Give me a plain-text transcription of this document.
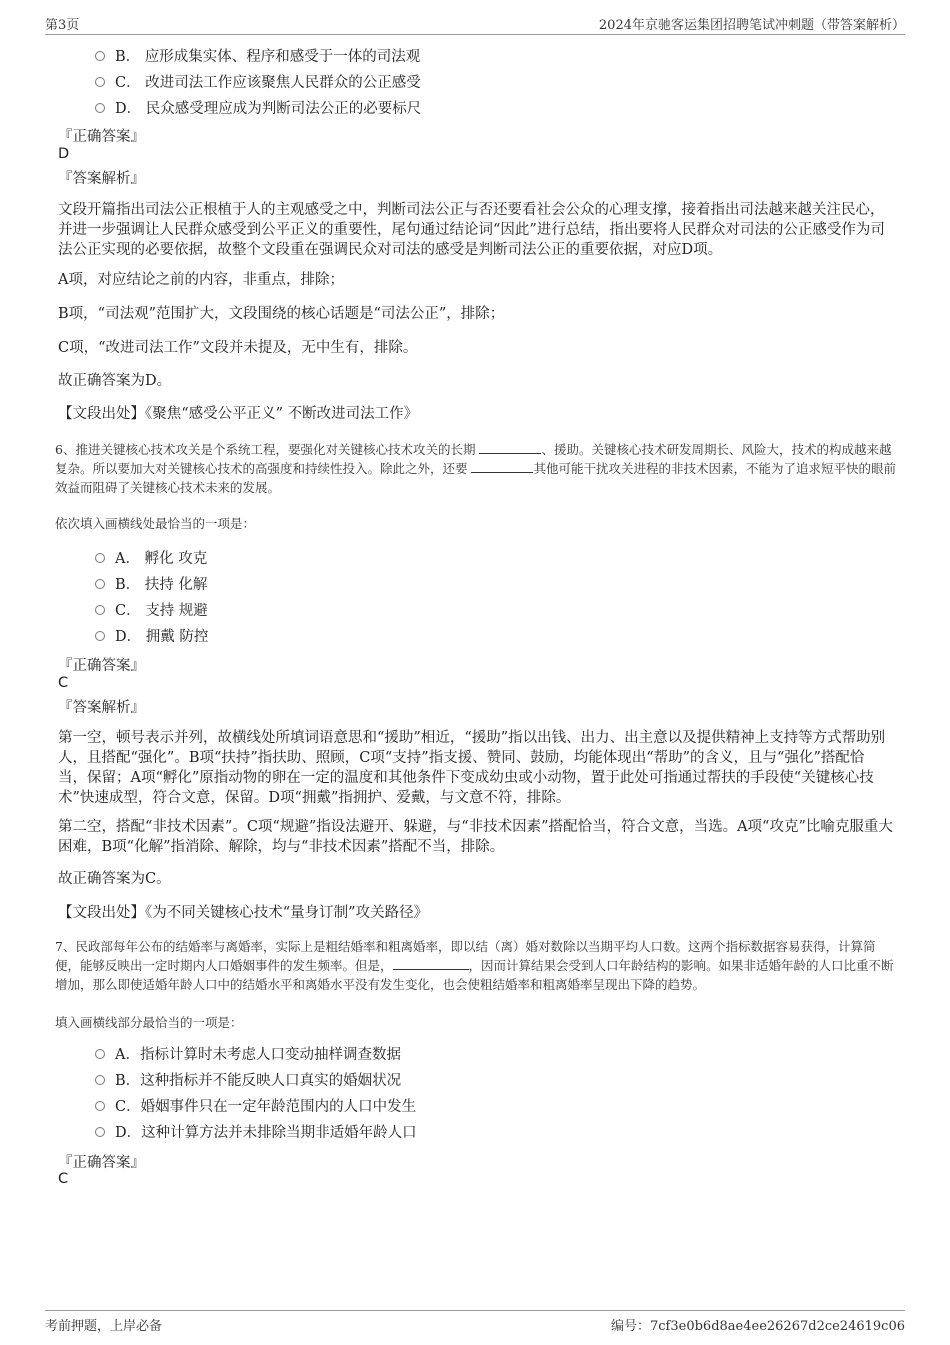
第3页	2024年京驰客运集团招聘笔试冲刺题（带答案解析）
B． 应形成集实体、程序和感受于一体的司法观
C． 改进司法工作应该聚焦人民群众的公正感受
D． 民众感受理应成为判断司法公正的必要标尺
『正确答案』
D
『答案解析』
文段开篇指出司法公正根植于人的主观感受之中，判断司法公正与否还要看社会公众的心理支撑，接着指出司法越来越关注民心，并进一步强调让人民群众感受到公平正义的重要性，尾句通过结论词“因此”进行总结，指出要将人民群众对司法的公正感受作为司法公正实现的必要依据，故整个文段重在强调民众对司法的感受是判断司法公正的重要依据，对应D项。
A项，对应结论之前的内容，非重点，排除；
B项，“司法观”范围扩大，文段围绕的核心话题是“司法公正”，排除；
C项，“改进司法工作”文段并未提及，无中生有，排除。
故正确答案为D。
【文段出处】《聚焦“感受公平正义” 不断改进司法工作》
6、推进关键核心技术攻关是个系统工程，要强化对关键核心技术攻关的长期	、援助。关键核心技术研发周期长、风险大，技术的构成越来越复杂。所以要加大对关键核心技术的高强度和持续性投入。除此之外，还要	其他可能干扰攻关进程的非技术因素，不能为了追求短平快的眼前效益而阻碍了关键核心技术未来的发展。
依次填入画横线处最恰当的一项是：
A． 孵化 攻克
B． 扶持 化解
C． 支持 规避
D． 拥戴 防控
『正确答案』
C
『答案解析』
第一空，顿号表示并列，故横线处所填词语意思和“援助”相近，“援助”指以出钱、出力、出主意以及提供精神上支持等方式帮助别人，且搭配“强化”。B项“扶持”指扶助、照顾，C项“支持”指支援、赞同、鼓励，均能体现出“帮助”的含义，且与“强化”搭配恰当，保留；A项“孵化”原指动物的卵在一定的温度和其他条件下变成幼虫或小动物，置于此处可指通过帮扶的手段使“关键核心技术”快速成型，符合文意，保留。D项“拥戴”指拥护、爱戴，与文意不符，排除。
第二空，搭配“非技术因素”。C项“规避”指设法避开、躲避，与“非技术因素”搭配恰当，符合文意，当选。A项“攻克”比喻克服重大困难，B项“化解”指消除、解除，均与“非技术因素”搭配不当，排除。
故正确答案为C。
【文段出处】《为不同关键核心技术“量身订制”攻关路径》
7、民政部每年公布的结婚率与离婚率，实际上是粗结婚率和粗离婚率，即以结（离）婚对数除以当期平均人口数。这两个指标数据容易获得，计算简便，能够反映出一定时期内人口婚姻事件的发生频率。但是，	，因而计算结果会受到人口年龄结构的影响。如果非适婚年龄的人口比重不断增加，那么即使适婚年龄人口中的结婚水平和离婚水平没有发生变化，也会使粗结婚率和粗离婚率呈现出下降的趋势。
填入画横线部分最恰当的一项是：
A．指标计算时未考虑人口变动抽样调查数据
B．这种指标并不能反映人口真实的婚姻状况
C．婚姻事件只在一定年龄范围内的人口中发生
D．这种计算方法并未排除当期非适婚年龄人口
『正确答案』
C
考前押题，上岸必备	编号：7cf3e0b6d8ae4ee26267d2ce24619c06
